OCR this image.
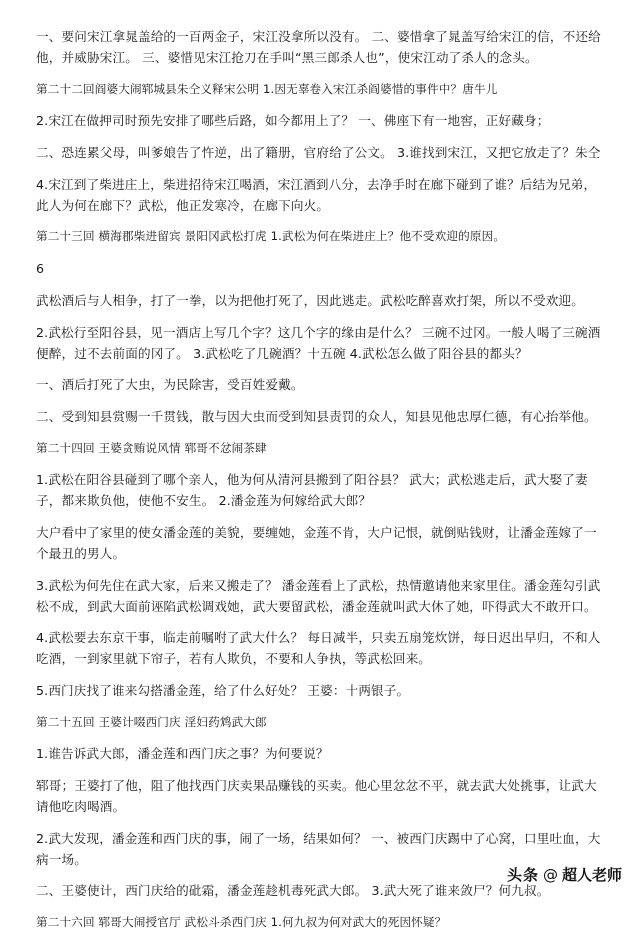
一、要问宋江拿晁盖给的一百两金子，宋江没拿所以没有。 二、婆惜拿了晁盖写给宋江的信，不还给他，并威胁宋江。 三、婆惜见宋江抢刀在手叫“黑三郎杀人也”，使宋江动了杀人的念头。

第二十二回阎婆大闹郓城县朱仝义释宋公明 1.因无辜卷入宋江杀阎婆惜的事件中？唐牛儿

2.宋江在做押司时预先安排了哪些后路，如今都用上了？ 一、佛座下有一地窖，正好藏身；

二、恐连累父母，叫爹娘告了忤逆，出了籍册，官府给了公文。 3.谁找到宋江，又把它放走了？朱仝

4.宋江到了柴进庄上，柴进招待宋江喝酒，宋江酒到八分，去净手时在廊下碰到了谁？后结为兄弟，此人为何在廊下？武松，他正发寒冷，在廊下向火。

第二十三回 横海郡柴进留宾 景阳冈武松打虎 1.武松为何在柴进庄上？他不受欢迎的原因。

6

武松酒后与人相争，打了一拳，以为把他打死了，因此逃走。武松吃醉喜欢打架，所以不受欢迎。

2.武松行至阳谷县，见一酒店上写几个字？这几个字的缘由是什么？ 三碗不过冈。一般人喝了三碗酒便醉，过不去前面的冈了。 3.武松吃了几碗酒？十五碗 4.武松怎么做了阳谷县的都头？

一、酒后打死了大虫，为民除害，受百姓爱戴。

二、受到知县赏赐一千贯钱，散与因大虫而受到知县责罚的众人，知县见他忠厚仁德，有心抬举他。

第二十四回 王婆贪贿说风情 郓哥不忿闹茶肆

1.武松在阳谷县碰到了哪个亲人，他为何从清河县搬到了阳谷县？ 武大；武松逃走后，武大娶了妻子，都来欺负他，使他不安生。 2.潘金莲为何嫁给武大郎？

大户看中了家里的使女潘金莲的美貌，要缠她，金莲不肯，大户记恨，就倒贴钱财，让潘金莲嫁了一个最丑的男人。

3.武松为何先住在武大家，后来又搬走了？ 潘金莲看上了武松，热情邀请他来家里住。潘金莲勾引武松不成，到武大面前诬陷武松调戏她，武大要留武松，潘金莲就叫武大休了她，吓得武大不敢开口。

4.武松要去东京干事，临走前嘱咐了武大什么？ 每日减半，只卖五扇笼炊饼，每日迟出早归，不和人吃酒，一到家里就下帘子，若有人欺负，不要和人争执，等武松回来。

5.西门庆找了谁来勾搭潘金莲，给了什么好处？ 王婆：十两银子。

第二十五回 王婆计啜西门庆 淫妇药鸩武大郎

1.谁告诉武大郎，潘金莲和西门庆之事？为何要说？

郓哥；王婆打了他，阻了他找西门庆卖果品赚钱的买卖。他心里忿忿不平，就去武大处挑事，让武大请他吃肉喝酒。

2.武大发现，潘金莲和西门庆的事，闹了一场，结果如何？ 一、被西门庆踢中了心窝，口里吐血，大病一场。

二、王婆使计，西门庆给的砒霜，潘金莲趁机毒死武大郎。 3.武大死了谁来敛尸？何九叔。

第二十六回 郓哥大闹授官厅 武松斗杀西门庆 1.何九叔为何对武大的死因怀疑？

头条 @ 超人老师
